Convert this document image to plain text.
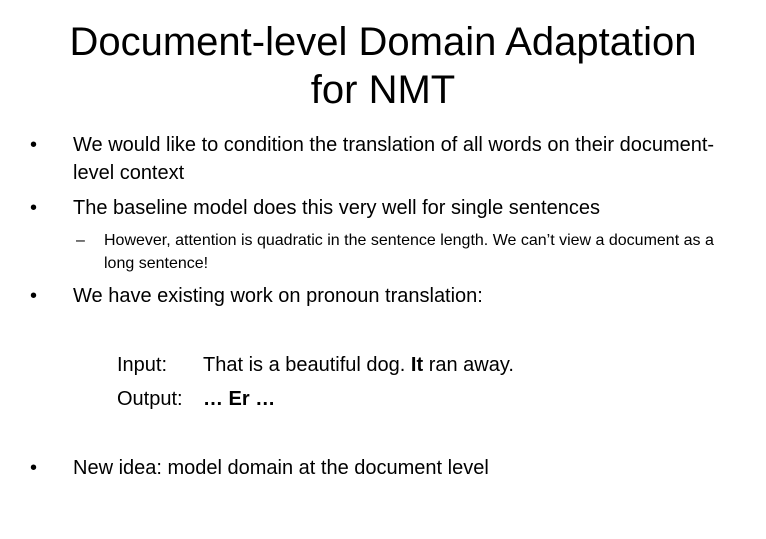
Document-level Domain Adaptation
for NMT
• We would like to condition the translation of all words on their document-level context
• The baseline model does this very well for single sentences
– However, attention is quadratic in the sentence length. We can’t view a document as a long sentence!
• We have existing work on pronoun translation:
Input: That is a beautiful dog. It ran away.
Output: … Er …
• New idea: model domain at the document level
